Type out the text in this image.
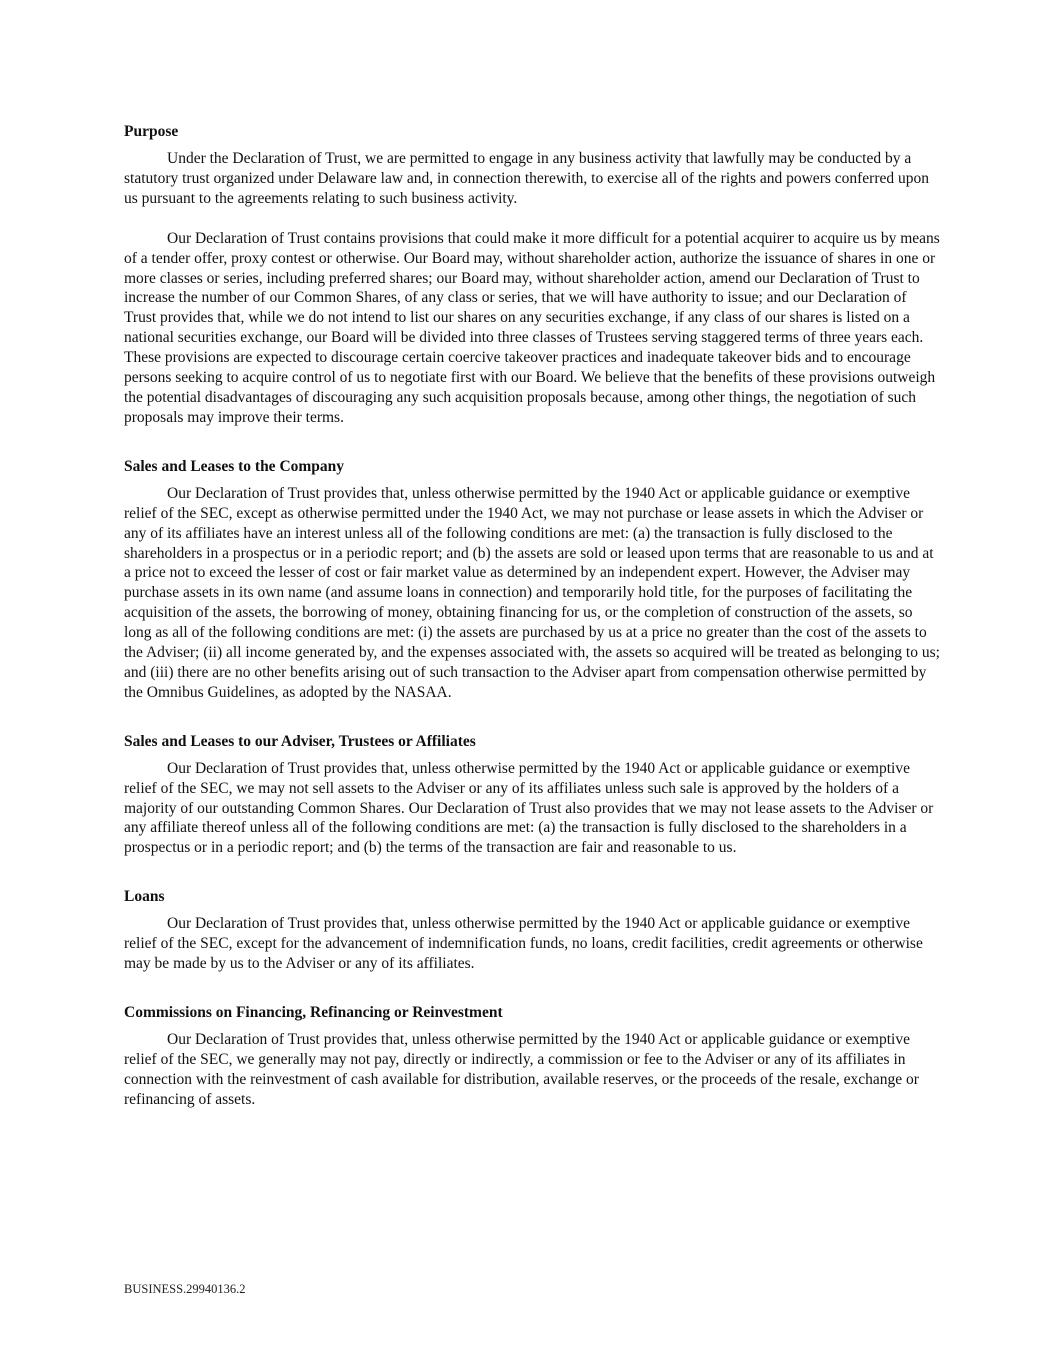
Purpose

Under the Declaration of Trust, we are permitted to engage in any business activity that lawfully may be conducted by a statutory trust organized under Delaware law and, in connection therewith, to exercise all of the rights and powers conferred upon us pursuant to the agreements relating to such business activity.

Our Declaration of Trust contains provisions that could make it more difficult for a potential acquirer to acquire us by means of a tender offer, proxy contest or otherwise. Our Board may, without shareholder action, authorize the issuance of shares in one or more classes or series, including preferred shares; our Board may, without shareholder action, amend our Declaration of Trust to increase the number of our Common Shares, of any class or series, that we will have authority to issue; and our Declaration of Trust provides that, while we do not intend to list our shares on any securities exchange, if any class of our shares is listed on a national securities exchange, our Board will be divided into three classes of Trustees serving staggered terms of three years each. These provisions are expected to discourage certain coercive takeover practices and inadequate takeover bids and to encourage persons seeking to acquire control of us to negotiate first with our Board. We believe that the benefits of these provisions outweigh the potential disadvantages of discouraging any such acquisition proposals because, among other things, the negotiation of such proposals may improve their terms.

Sales and Leases to the Company

Our Declaration of Trust provides that, unless otherwise permitted by the 1940 Act or applicable guidance or exemptive relief of the SEC, except as otherwise permitted under the 1940 Act, we may not purchase or lease assets in which the Adviser or any of its affiliates have an interest unless all of the following conditions are met: (a) the transaction is fully disclosed to the shareholders in a prospectus or in a periodic report; and (b) the assets are sold or leased upon terms that are reasonable to us and at a price not to exceed the lesser of cost or fair market value as determined by an independent expert. However, the Adviser may purchase assets in its own name (and assume loans in connection) and temporarily hold title, for the purposes of facilitating the acquisition of the assets, the borrowing of money, obtaining financing for us, or the completion of construction of the assets, so long as all of the following conditions are met: (i) the assets are purchased by us at a price no greater than the cost of the assets to the Adviser; (ii) all income generated by, and the expenses associated with, the assets so acquired will be treated as belonging to us; and (iii) there are no other benefits arising out of such transaction to the Adviser apart from compensation otherwise permitted by the Omnibus Guidelines, as adopted by the NASAA.

Sales and Leases to our Adviser, Trustees or Affiliates

Our Declaration of Trust provides that, unless otherwise permitted by the 1940 Act or applicable guidance or exemptive relief of the SEC, we may not sell assets to the Adviser or any of its affiliates unless such sale is approved by the holders of a majority of our outstanding Common Shares. Our Declaration of Trust also provides that we may not lease assets to the Adviser or any affiliate thereof unless all of the following conditions are met: (a) the transaction is fully disclosed to the shareholders in a prospectus or in a periodic report; and (b) the terms of the transaction are fair and reasonable to us.

Loans

Our Declaration of Trust provides that, unless otherwise permitted by the 1940 Act or applicable guidance or exemptive relief of the SEC, except for the advancement of indemnification funds, no loans, credit facilities, credit agreements or otherwise may be made by us to the Adviser or any of its affiliates.

Commissions on Financing, Refinancing or Reinvestment

Our Declaration of Trust provides that, unless otherwise permitted by the 1940 Act or applicable guidance or exemptive relief of the SEC, we generally may not pay, directly or indirectly, a commission or fee to the Adviser or any of its affiliates in connection with the reinvestment of cash available for distribution, available reserves, or the proceeds of the resale, exchange or refinancing of assets.

BUSINESS.29940136.2
